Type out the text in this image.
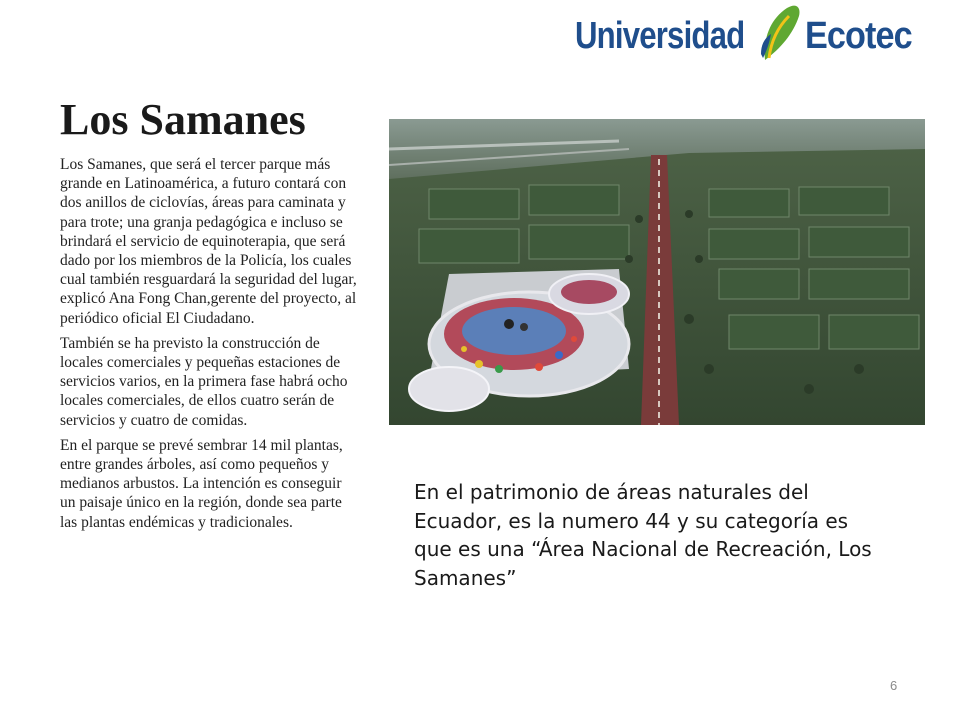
Universidad Ecotec
Los Samanes

Los Samanes, que será el tercer parque más grande en Latinoamérica, a futuro contará con dos anillos de ciclovías, áreas para caminata y para trote; una granja pedagógica e incluso se brindará el servicio de equinoterapia, que será dado por los miembros de la Policía, los cuales cual también resguardará la seguridad del lugar, explicó Ana Fong Chan,gerente del proyecto, al periódico oficial El Ciudadano.

También se ha previsto la construcción de locales comerciales y pequeñas estaciones de servicios varios, en la primera fase habrá ocho locales comerciales, de ellos cuatro serán de servicios y cuatro de comidas.

En el parque se prevé sembrar 14 mil plantas, entre grandes árboles, así como pequeños y medianos arbustos. La intención es conseguir un paisaje único en la región, donde sea parte las plantas endémicas y tradicionales.

En el patrimonio de áreas naturales del Ecuador, es la numero 44 y su categoría es que es una “Área Nacional de Recreación, Los Samanes”
6
